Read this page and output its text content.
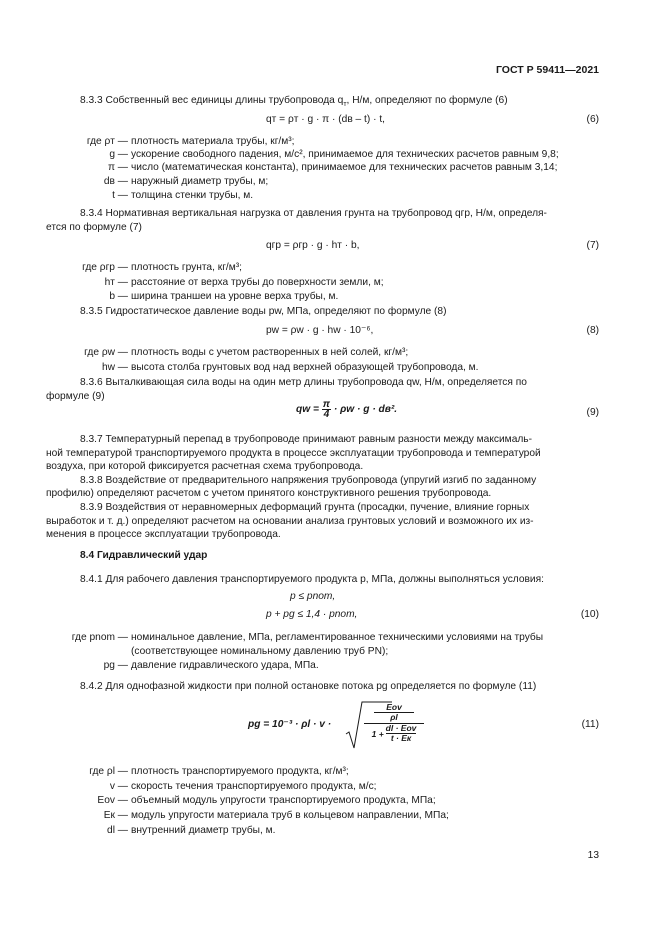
ГОСТ Р 59411—2021
8.3.3 Собственный вес единицы длины трубопровода $q_т$, Н/м, определяют по формуле (6)
qт = ρт · g · π · (dв – t) · t,	(6)
где ρт — плотность материала трубы, кг/м³;
g — ускорение свободного падения, м/с², принимаемое для технических расчетов равным 9,8;
π — число (математическая константа), принимаемое для технических расчетов равным 3,14;
dв — наружный диаметр трубы, м;
t — толщина стенки трубы, м.
8.3.4 Нормативная вертикальная нагрузка от давления грунта на трубопровод qгр, Н/м, определя-
ется по формуле (7)
qгр = ρгр · g · hт · b,	(7)
где ρгр — плотность грунта, кг/м³;
hт — расстояние от верха трубы до поверхности земли, м;
b — ширина траншеи на уровне верха трубы, м.
8.3.5 Гидростатическое давление воды pw, МПа, определяют по формуле (8)
pw = ρw · g · hw · 10⁻⁶,	(8)
где ρw — плотность воды с учетом растворенных в ней солей, кг/м³;
hw — высота столба грунтовых вод над верхней образующей трубопровода, м.
8.3.6 Выталкивающая сила воды на один метр длины трубопровода qw, Н/м, определяется по
формуле (9)
qw = $\frac{\pi}{4} \cdot \rho w \cdot g \cdot dв^2$.	(9)
8.3.7 Температурный перепад в трубопроводе принимают равным разности между максималь-
ной температурой транспортируемого продукта в процессе эксплуатации трубопровода и температурой
воздуха, при которой фиксируется расчетная схема трубопровода.
8.3.8 Воздействие от предварительного напряжения трубопровода (упругий изгиб по заданному
профилю) определяют расчетом с учетом принятого конструктивного решения трубопровода.
8.3.9 Воздействия от неравномерных деформаций грунта (просадки, пучение, влияние горных
выработок и т. д.) определяют расчетом на основании анализа грунтовых условий и возможного их из-
менения в процессе эксплуатации трубопровода.
8.4 Гидравлический удар
8.4.1 Для рабочего давления транспортируемого продукта p, МПа, должны выполняться условия:
p ≤ pnom,
p + pg ≤ 1,4 · pnom,	(10)
где pnom — номинальное давление, МПа, регламентированное техническими условиями на трубы
(соответствующее номинальному давлению труб PN);
pg — давление гидравлического удара, МПа.
8.4.2 Для однофазной жидкости при полной остановке потока pg определяется по формуле (11)
pg = 10⁻³ · ρl · v ·
Eov
ρl
1 +
dl · Eov
t · Eк
(11)
где ρl — плотность транспортируемого продукта, кг/м³;
v — скорость течения транспортируемого продукта, м/с;
Eov — объемный модуль упругости транспортируемого продукта, МПа;
Eк — модуль упругости материала труб в кольцевом направлении, МПа;
dl — внутренний диаметр трубы, м.
13
